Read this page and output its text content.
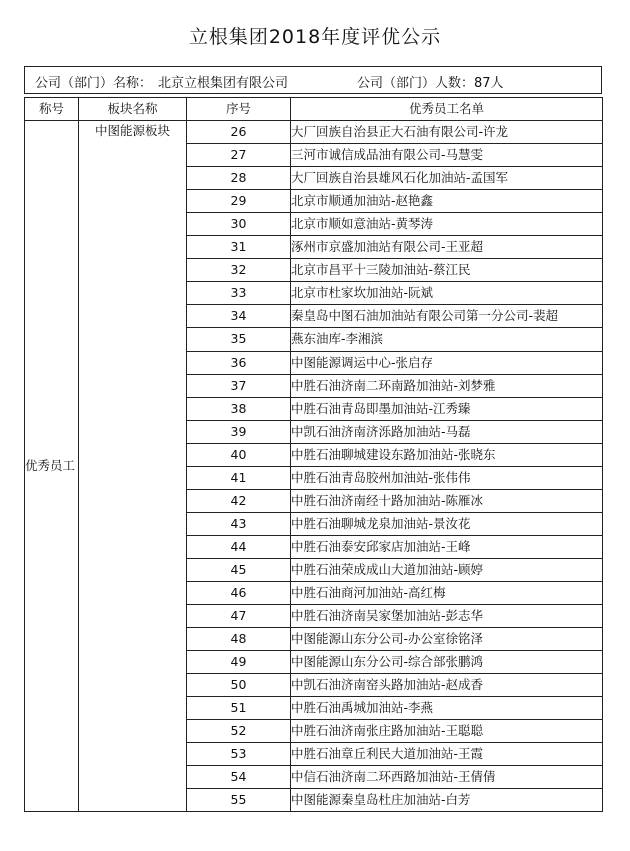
立根集团2018年度评优公示
公司（部门）名称： 北京立根集团有限公司	公司（部门）人数：87人
称号	板块名称	序号	优秀员工名单
优秀员工	中图能源板块	26	大厂回族自治县正大石油有限公司-许龙
		27	三河市诚信成品油有限公司-马慧雯
		28	大厂回族自治县雄风石化加油站-孟国军
		29	北京市顺通加油站-赵艳鑫
		30	北京市顺如意油站-黄琴涛
		31	涿州市京盛加油站有限公司-王亚超
		32	北京市昌平十三陵加油站-蔡江民
		33	北京市杜家坎加油站-阮斌
		34	秦皇岛中图石油加油站有限公司第一分公司-裴超
		35	燕东油库-李湘滨
		36	中图能源调运中心-张启存
		37	中胜石油济南二环南路加油站-刘梦雅
		38	中胜石油青岛即墨加油站-江秀臻
		39	中凯石油济南济泺路加油站-马磊
		40	中胜石油聊城建设东路加油站-张晓东
		41	中胜石油青岛胶州加油站-张伟伟
		42	中胜石油济南经十路加油站-陈雁冰
		43	中胜石油聊城龙泉加油站-景汝花
		44	中胜石油泰安邱家店加油站-王峰
		45	中胜石油荣成成山大道加油站-顾婷
		46	中胜石油商河加油站-高红梅
		47	中胜石油济南吴家堡加油站-彭志华
		48	中图能源山东分公司-办公室徐铭泽
		49	中图能源山东分公司-综合部张鹏鸿
		50	中凯石油济南窑头路加油站-赵成香
		51	中胜石油禹城加油站-李燕
		52	中胜石油济南张庄路加油站-王聪聪
		53	中胜石油章丘利民大道加油站-王霞
		54	中信石油济南二环西路加油站-王倩倩
		55	中图能源秦皇岛杜庄加油站-白芳
